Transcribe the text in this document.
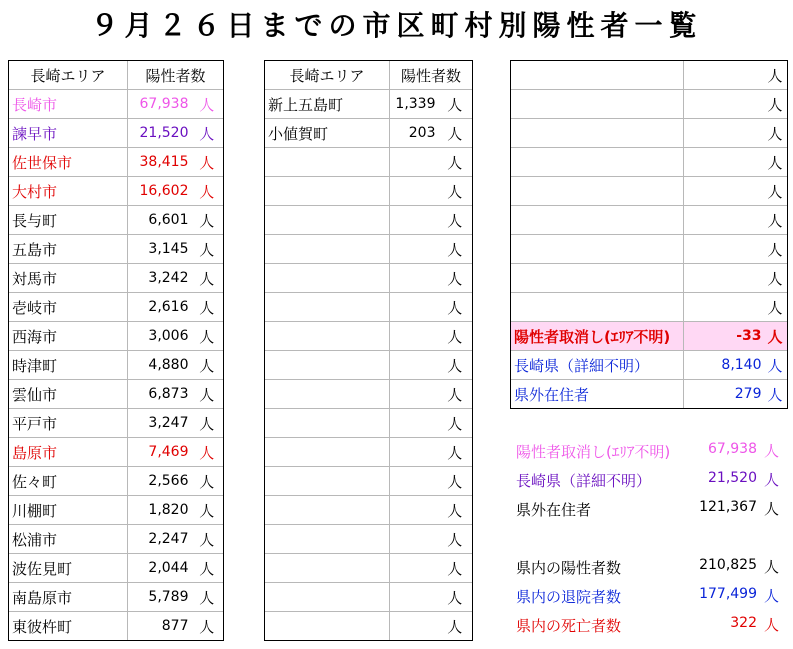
９月２６日までの市区町村別陽性者一覧
長崎エリア	陽性者数	
長崎市	67,938	人
諫早市	21,520	人
佐世保市	38,415	人
大村市	16,602	人
長与町	6,601	人
五島市	3,145	人
対馬市	3,242	人
壱岐市	2,616	人
西海市	3,006	人
時津町	4,880	人
雲仙市	6,873	人
平戸市	3,247	人
島原市	7,469	人
佐々町	2,566	人
川棚町	1,820	人
松浦市	2,247	人
波佐見町	2,044	人
南島原市	5,789	人
東彼杵町	877	人
長崎エリア	陽性者数	
新上五島町	1,339	人
小値賀町	203	人
		人
		人
		人
		人
		人
		人
		人
		人
		人
		人
		人
		人
		人
		人
		人
		人
		人
		人
		人
		人
		人
		人
		人
		人
		人
		人
陽性者取消し(ｴﾘｱ不明)	-33	人
長崎県（詳細不明）	8,140	人
県外在住者	279	人
陽性者取消し(ｴﾘｱ不明)	67,938 人
長崎県（詳細不明）	21,520 人
県外在住者	121,367 人
県内の陽性者数	210,825 人
県内の退院者数	177,499 人
県内の死亡者数	322 人
